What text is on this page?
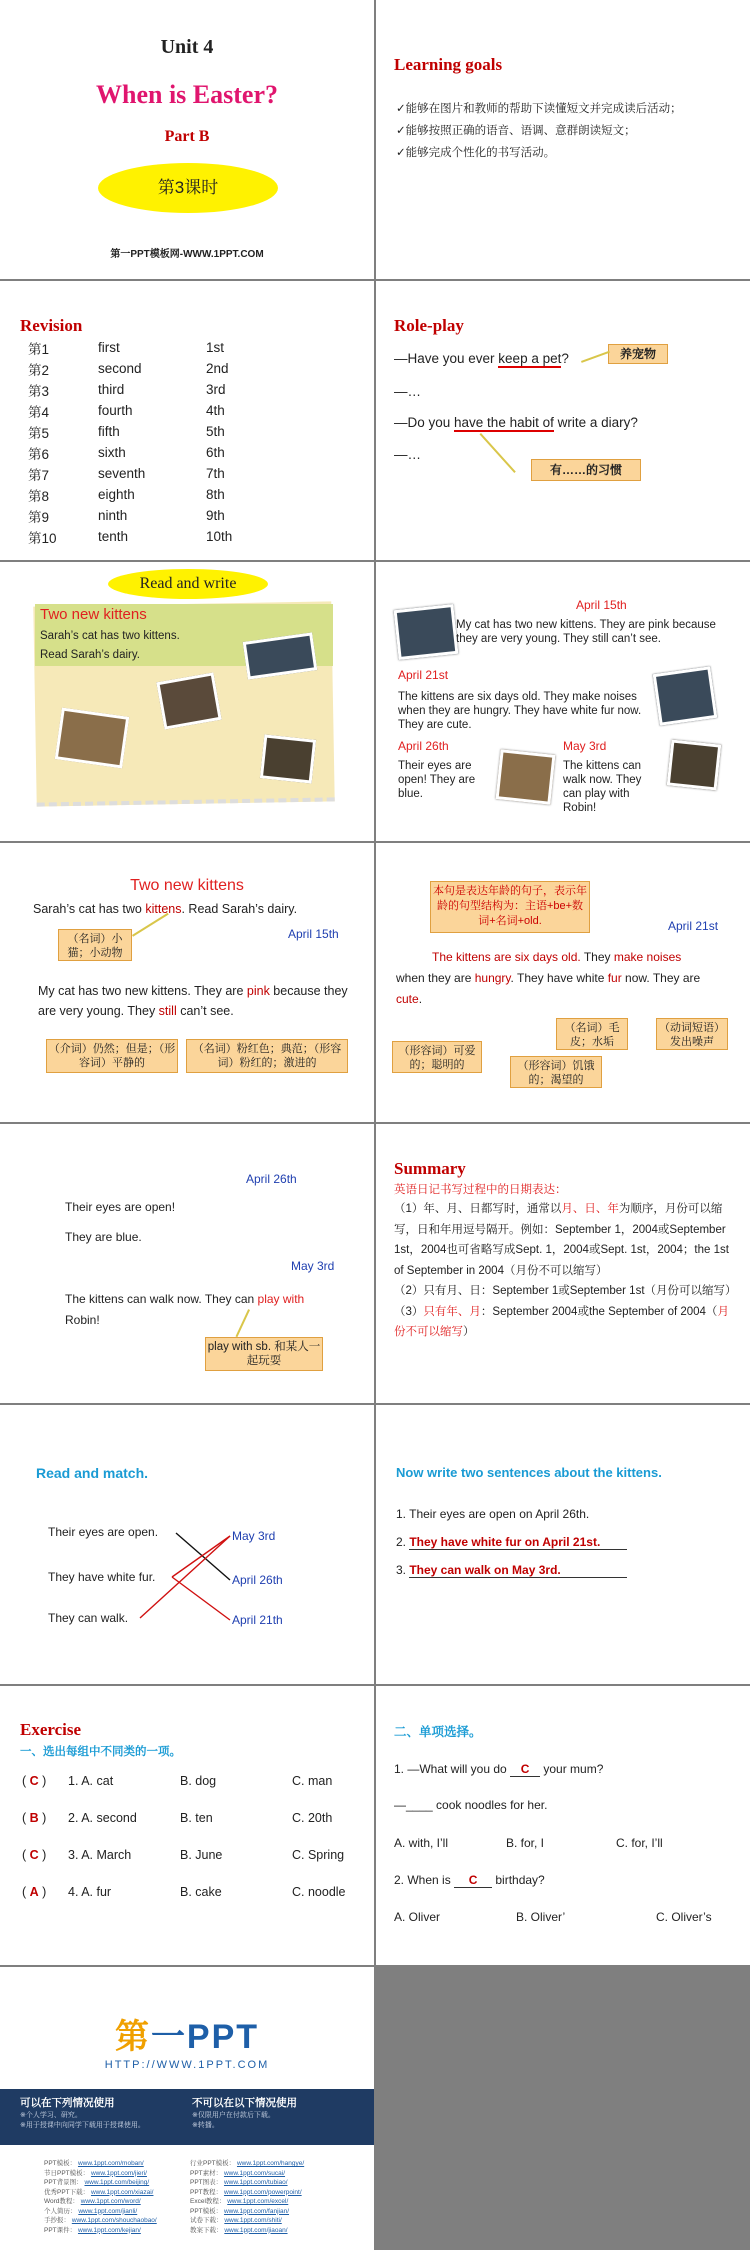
Unit 4
When is Easter?
Part B
第3课时
第一PPT模板网-WWW.1PPT.COM
Learning goals
✓能够在图片和教师的帮助下读懂短文并完成读后活动；
✓能够按照正确的语音、语调、意群朗读短文；
✓能够完成个性化的书写活动。
Revision
第1	first	1st
第2	second	2nd
第3	third	3rd
第4	fourth	4th
第5	fifth	5th
第6	sixth	6th
第7	seventh	7th
第8	eighth	8th
第9	ninth	9th
第10	tenth	10th
Role-play
—Have you ever keep a pet?	养宠物
—…
—Do you have the habit of write a diary?
—…
有……的习惯
Read and write
Two new kittens
Sarah’s cat has two kittens.
Read Sarah’s dairy.
April 15th
My cat has two new kittens. They are pink because they are very young. They still can’t see.
April 21st
The kittens are six days old. They make noises when they are hungry. They have white fur now. They are cute.
April 26th
Their eyes are open! They are blue.
May 3rd
The kittens can walk now. They can play with Robin!
Two new kittens
Sarah’s cat has two kittens. Read Sarah’s dairy.
April 15th
（名词）小猫；小动物
My cat has two new kittens. They are pink because they are very young. They still can’t see.
（介词）仍然；但是；（形容词）平静的
（名词）粉红色；典范；（形容词）粉红的；激进的
本句是表达年龄的句子，表示年龄的句型结构为：主语+be+数词+名词+old.	April 21st
The kittens are six days old. They make noises
when they are hungry. They have white fur now. They are
cute.
（名词）毛皮；水垢
（动词短语）发出噪声
（形容词）可爱的；聪明的	（形容词）饥饿的；渴望的
April 26th
Their eyes are open!
They are blue.
May 3rd
The kittens can walk now. They can play with
Robin!
play with sb. 和某人一起玩耍
Summary
英语日记书写过程中的日期表达：
（1）年、月、日都写时，通常以月、日、年为顺序，月份可以缩写，日和年用逗号隔开。例如：September 1，2004或September 1st，2004也可省略写成Sept. 1，2004或Sept. 1st，2004；the 1st of September in 2004（月份不可以缩写）
（2）只有月、日：September 1或September 1st（月份可以缩写）
（3）只有年、月：September 2004或the September of 2004（月份不可以缩写）
Read and match.
Their eyes are open.
They have white fur.
They can walk.
May 3rd
April 26th
April 21th
Now write two sentences about the kittens.
1. Their eyes are open on April 26th.
2. They have white fur on April 21st.
3. They can walk on May 3rd.
Exercise
一、选出每组中不同类的一项。
( C )	1. A. cat	B. dog	C. man
( B )	2. A. second	B. ten	C. 20th
( C )	3. A. March	B. June	C. Spring
( A )	4. A. fur	B. cake	C. noodle
二、单项选择。
1. —What will you do C your mum?
—____ cook noodles for her.
A. with, I’ll	B. for, I	C. for, I’ll
2. When is C birthday?
A. Oliver	B. Oliver’	C. Oliver’s
第一PPT
HTTP://WWW.1PPT.COM
可以在下列情况使用
※个人学习、研究。
※用于授课中向同学下载用于授课使用。
不可以在以下情况使用
※仅限用户在付款后下载。
※转播。
PPT模板： www.1ppt.com/moban/
节日PPT模板： www.1ppt.com/jieri/
PPT背景图： www.1ppt.com/beijing/
优秀PPT下载： www.1ppt.com/xiazai/
Word教程： www.1ppt.com/word/
个人简历： www.1ppt.com/jianli/
手抄报： www.1ppt.com/shouchaobao/
PPT课件： www.1ppt.com/kejian/
行业PPT模板： www.1ppt.com/hangye/
PPT素材： www.1ppt.com/sucai/
PPT图表： www.1ppt.com/tubiao/
PPT教程： www.1ppt.com/powerpoint/
Excel教程： www.1ppt.com/excel/
PPT模板： www.1ppt.com/fanjian/
试卷下载： www.1ppt.com/shiti/
教案下载： www.1ppt.com/jiaoan/
